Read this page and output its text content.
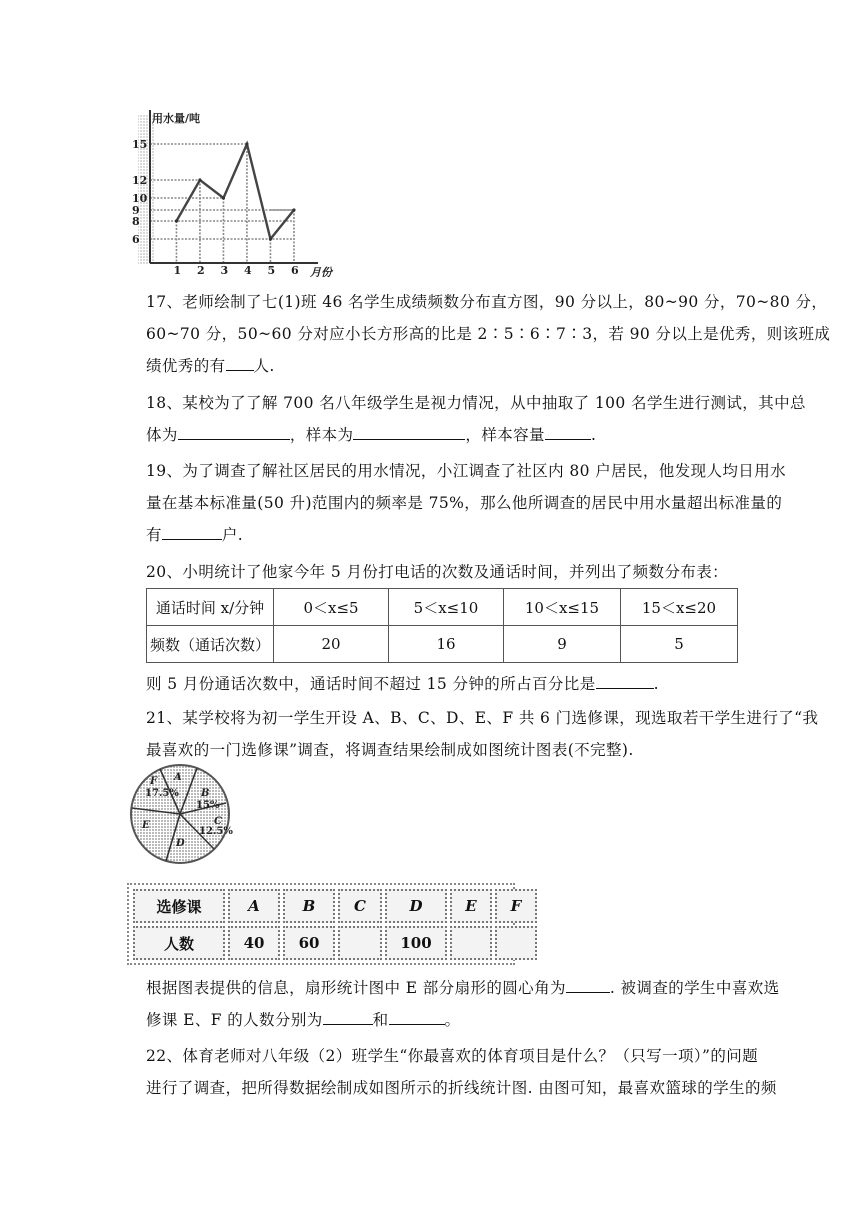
用水量/吨
月份
15
12
10
9
8
6
1 2 3 4 5 6
17、老师绘制了七(1)班 46 名学生成绩频数分布直方图，90 分以上，80~90 分，70~80 分，
60~70 分，50~60 分对应小长方形高的比是 2∶5∶6∶7∶3，若 90 分以上是优秀，则该班成
绩优秀的有 人.
18、某校为了了解 700 名八年级学生是视力情况，从中抽取了 100 名学生进行测试，其中总
体为	，样本为	，样本容量	.
19、为了调查了解社区居民的用水情况，小江调查了社区内 80 户居民，他发现人均日用水
量在基本标准量(50 升)范围内的频率是 75%，那么他所调查的居民中用水量超出标准量的
有	户.
20、小明统计了他家今年 5 月份打电话的次数及通话时间，并列出了频数分布表：
通话时间 x/分钟	0＜x≤5	5＜x≤10	10＜x≤15	15＜x≤20
频数（通话次数）	20	16	9	5
则 5 月份通话次数中，通话时间不超过 15 分钟的所占百分比是	.
21、某学校将为初一学生开设 A、B、C、D、E、F 共 6 门选修课，现选取若干学生进行了“我
最喜欢的一门选修课”调查，将调查结果绘制成如图统计图表(不完整).
F
17.5%
A
B
15%
C
12.5%
E
D
选修课	A	B	C	D	E	F
人数	40	60		100		
根据图表提供的信息，扇形统计图中 E 部分扇形的圆心角为	. 被调查的学生中喜欢选
修课 E、F 的人数分别为	和	。
22、体育老师对八年级（2）班学生“你最喜欢的体育项目是什么？（只写一项）”的问题
进行了调查，把所得数据绘制成如图所示的折线统计图. 由图可知，最喜欢篮球的学生的频
